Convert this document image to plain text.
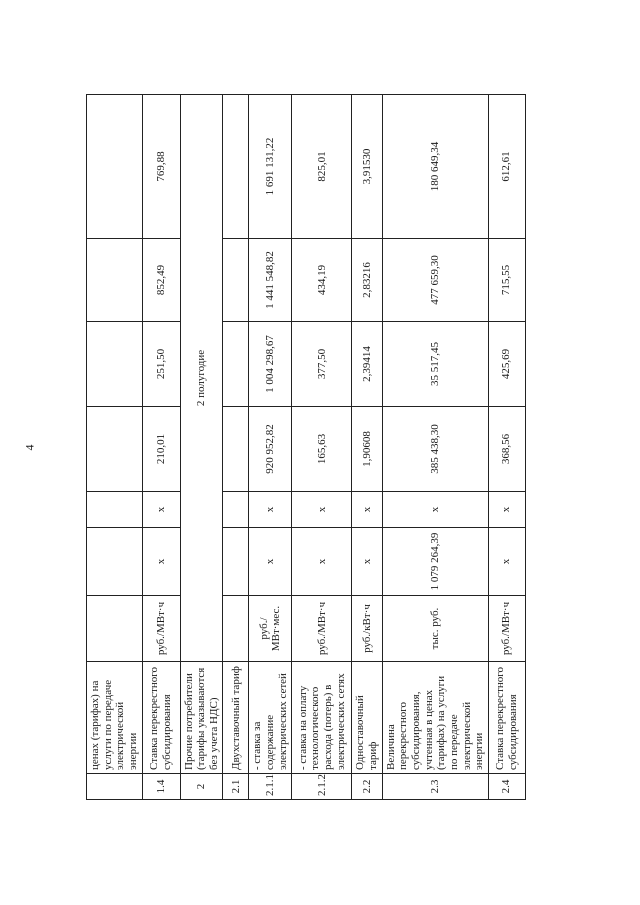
4
	ценах (тарифах) на услуги по передаче электрической энергии							
1.4	Ставка перекрестного субсидирования	руб./МВт·ч	х	х	210,01	251,50	852,49	769,88
2	Прочие потребители (тарифы указываются без учета НДС)	2 полугодие						
2.1	Двухставочный тариф							
2.1.1	- ставка за содержание электрических сетей	руб./ МВт·мес.	х	х	920 952,82	1 004 298,67	1 441 548,82	1 691 131,22
2.1.2	- ставка на оплату технологического расхода (потерь) в электрических сетях	руб./МВт·ч	х	х	165,63	377,50	434,19	825,01
2.2	Одноставочный тариф	руб./кВт·ч	х	х	1,90608	2,39414	2,83216	3,91530
2.3	Величина перекрестного субсидирования, учтенная в ценах (тарифах) на услуги по передаче электрической энергии	тыс. руб.	1 079 264,39	х	385 438,30	35 517,45	477 659,30	180 649,34
2.4	Ставка перекрестного субсидирования	руб./МВт·ч	х	х	368,56	425,69	715,55	612,61
